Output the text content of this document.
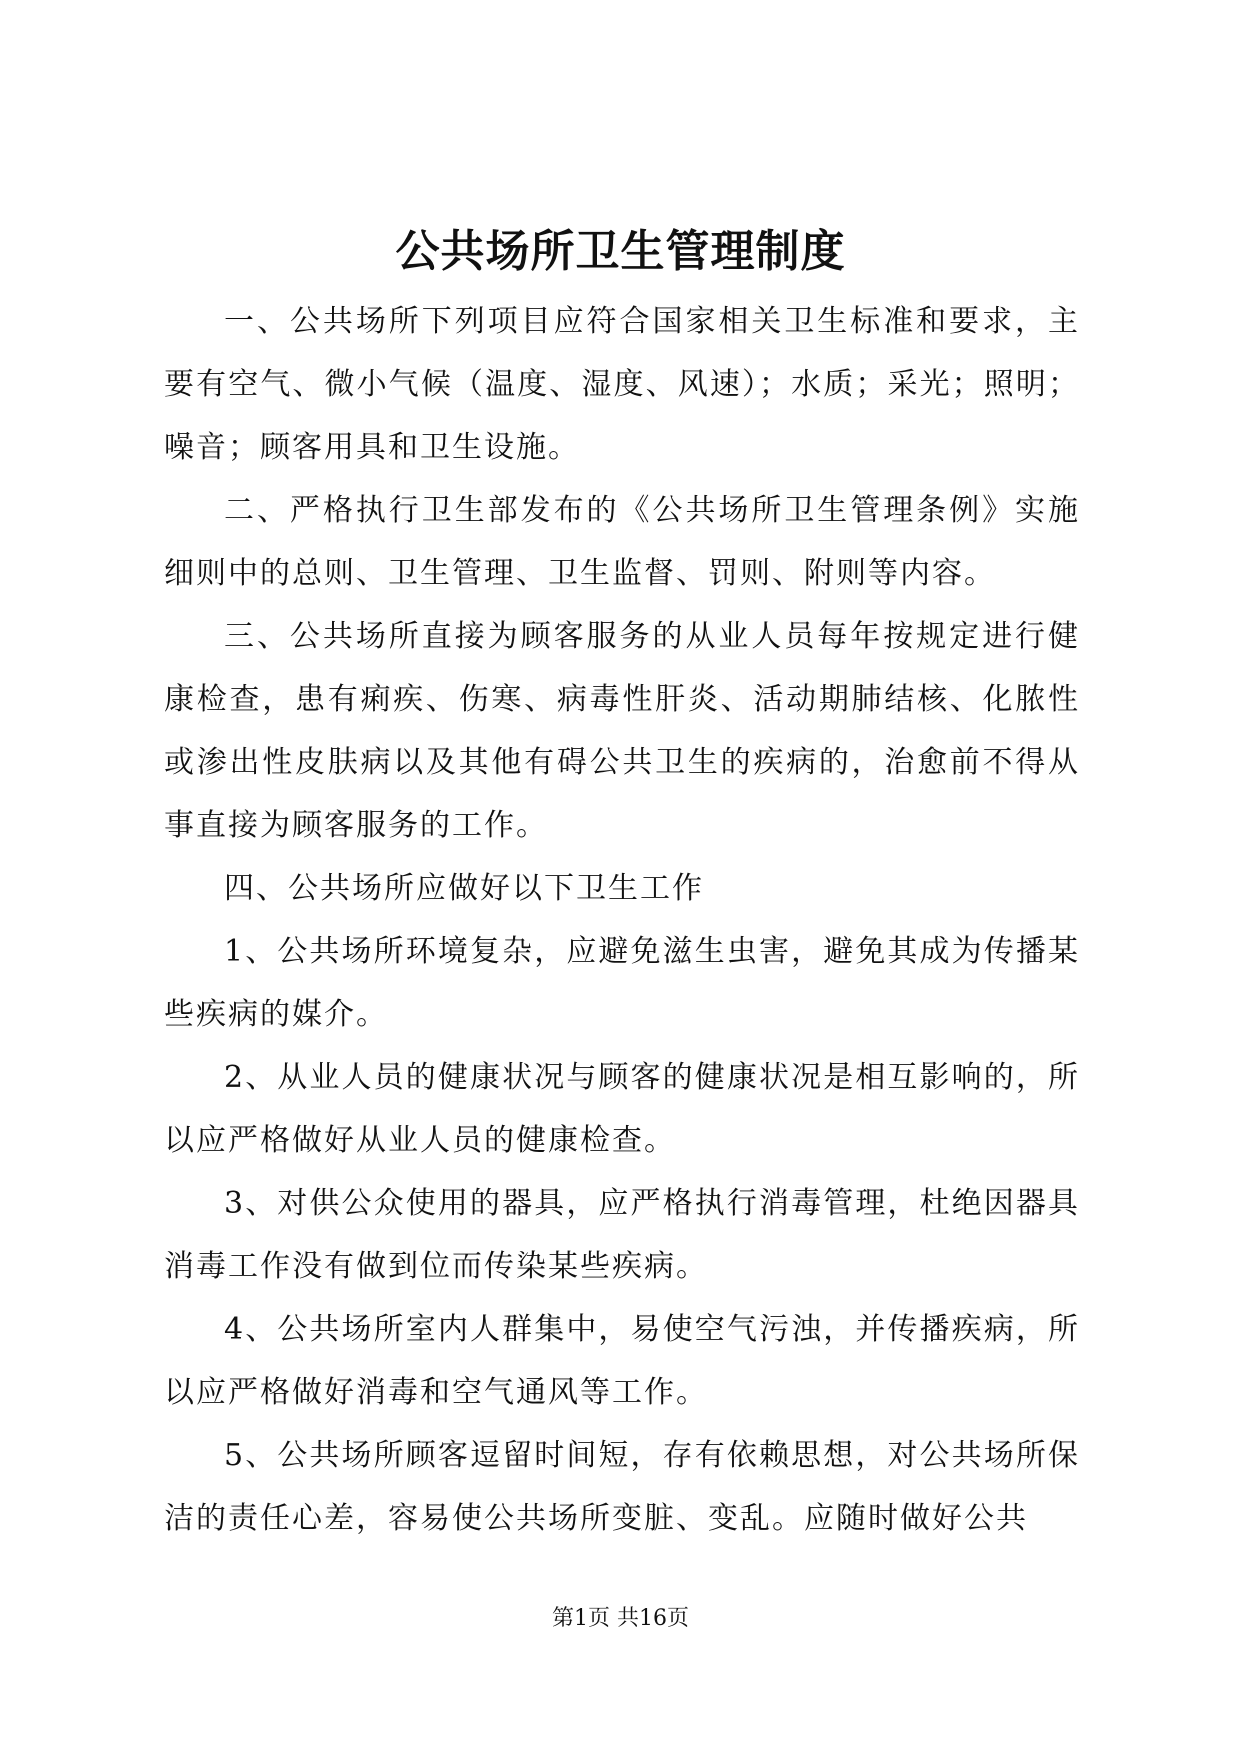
公共场所卫生管理制度

一、公共场所下列项目应符合国家相关卫生标准和要求，主要有空气、微小气候（温度、湿度、风速）；水质；采光；照明；噪音；顾客用具和卫生设施。

二、严格执行卫生部发布的《公共场所卫生管理条例》实施细则中的总则、卫生管理、卫生监督、罚则、附则等内容。

三、公共场所直接为顾客服务的从业人员每年按规定进行健康检查，患有痢疾、伤寒、病毒性肝炎、活动期肺结核、化脓性或渗出性皮肤病以及其他有碍公共卫生的疾病的，治愈前不得从事直接为顾客服务的工作。

四、公共场所应做好以下卫生工作

1、公共场所环境复杂，应避免滋生虫害，避免其成为传播某些疾病的媒介。

2、从业人员的健康状况与顾客的健康状况是相互影响的，所以应严格做好从业人员的健康检查。

3、对供公众使用的器具，应严格执行消毒管理，杜绝因器具消毒工作没有做到位而传染某些疾病。

4、公共场所室内人群集中，易使空气污浊，并传播疾病，所以应严格做好消毒和空气通风等工作。

5、公共场所顾客逗留时间短，存有依赖思想，对公共场所保洁的责任心差，容易使公共场所变脏、变乱。应随时做好公共

第1页 共16页
